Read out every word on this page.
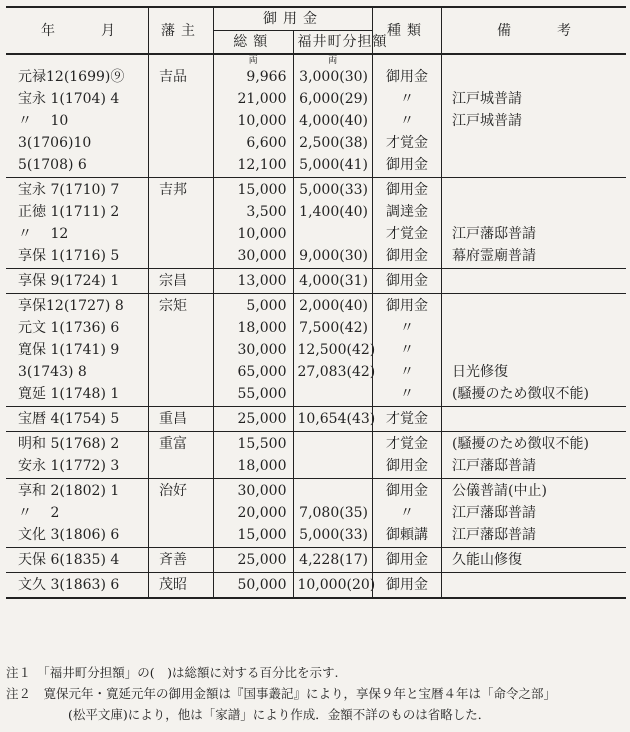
年　　月	藩主	御用金		種類	備　　考
		総額	福井町分担額		
		両	両		
元禄12(1699)⑨	吉品	9,966	3,000(30)	御用金	
宝永 1(1704) 4		21,000	6,000(29)	〃	江戸城普請
〃　 10		10,000	4,000(40)	〃	江戸城普請
3(1706)10		6,600	2,500(38)	才覚金	
5(1708) 6		12,100	5,000(41)	御用金	
宝永 7(1710) 7	吉邦	15,000	5,000(33)	御用金	
正徳 1(1711) 2		3,500	1,400(40)	調達金	
〃　 12		10,000		才覚金	江戸藩邸普請
享保 1(1716) 5		30,000	9,000(30)	御用金	幕府霊廟普請
享保 9(1724) 1	宗昌	13,000	4,000(31)	御用金	
享保12(1727) 8	宗矩	5,000	2,000(40)	御用金	
元文 1(1736) 6		18,000	7,500(42)	〃	
寛保 1(1741) 9		30,000	12,500(42)	〃	
3(1743) 8		65,000	27,083(42)	〃	日光修復
寛延 1(1748) 1		55,000		〃	(騒擾のため徴収不能)
宝暦 4(1754) 5	重昌	25,000	10,654(43)	才覚金	
明和 5(1768) 2	重富	15,500		才覚金	(騒擾のため徴収不能)
安永 1(1772) 3		18,000		御用金	江戸藩邸普請
享和 2(1802) 1	治好	30,000		御用金	公儀普請(中止)
〃　 2		20,000	7,080(35)	〃	江戸藩邸普請
文化 3(1806) 6		15,000	5,000(33)	御頼講	江戸藩邸普請
天保 6(1835) 4	斉善	25,000	4,228(17)	御用金	久能山修復
文久 3(1863) 6	茂昭	50,000	10,000(20)	御用金	
注１　 「福井町分担額」の(　)は総額に対する百分比を示す.
注２　 寛保元年・寛延元年の御用金額は『国事叢記』により，享保９年と宝暦４年は「命令之部」
(松平文庫)により，他は「家譜」により作成．金額不詳のものは省略した．
